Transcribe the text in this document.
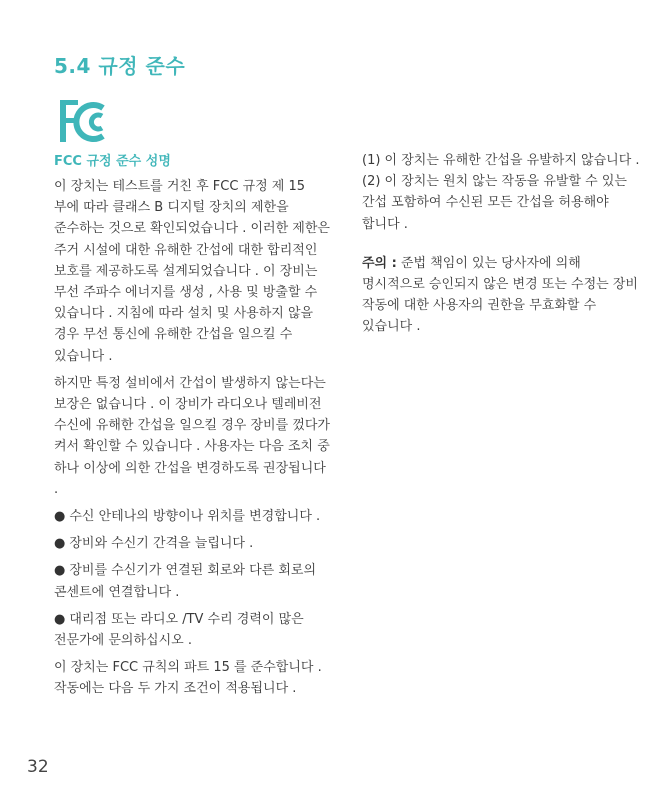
5.4 규정 준수
FCC 규정 준수 성명

이 장치는 테스트를 거친 후 FCC 규정 제 15 부에 따라 클래스 B 디지털 장치의 제한을 준수하는 것으로 확인되었습니다 . 이러한 제한은 주거 시설에 대한 유해한 간섭에 대한 합리적인 보호를 제공하도록 설계되었습니다 . 이 장비는 무선 주파수 에너지를 생성 , 사용 및 방출할 수 있습니다 . 지침에 따라 설치 및 사용하지 않을 경우 무선 통신에 유해한 간섭을 일으킬 수 있습니다 .

하지만 특정 설비에서 간섭이 발생하지 않는다는 보장은 없습니다 . 이 장비가 라디오나 텔레비전 수신에 유해한 간섭을 일으킬 경우 장비를 껐다가 켜서 확인할 수 있습니다 . 사용자는 다음 조치 중 하나 이상에 의한 간섭을 변경하도록 권장됩니다 .

● 수신 안테나의 방향이나 위치를 변경합니다 .

● 장비와 수신기 간격을 늘립니다 .

● 장비를 수신기가 연결된 회로와 다른 회로의 콘센트에 연결합니다 .

● 대리점 또는 라디오 /TV 수리 경력이 많은 전문가에 문의하십시오 .

이 장치는 FCC 규칙의 파트 15 를 준수합니다 . 작동에는 다음 두 가지 조건이 적용됩니다 .

(1) 이 장치는 유해한 간섭을 유발하지 않습니다 . (2) 이 장치는 원치 않는 작동을 유발할 수 있는 간섭 포함하여 수신된 모든 간섭을 허용해야 합니다 .

주의 : 준법 책임이 있는 당사자에 의해 명시적으로 승인되지 않은 변경 또는 수정는 장비 작동에 대한 사용자의 권한을 무효화할 수 있습니다 .

32
